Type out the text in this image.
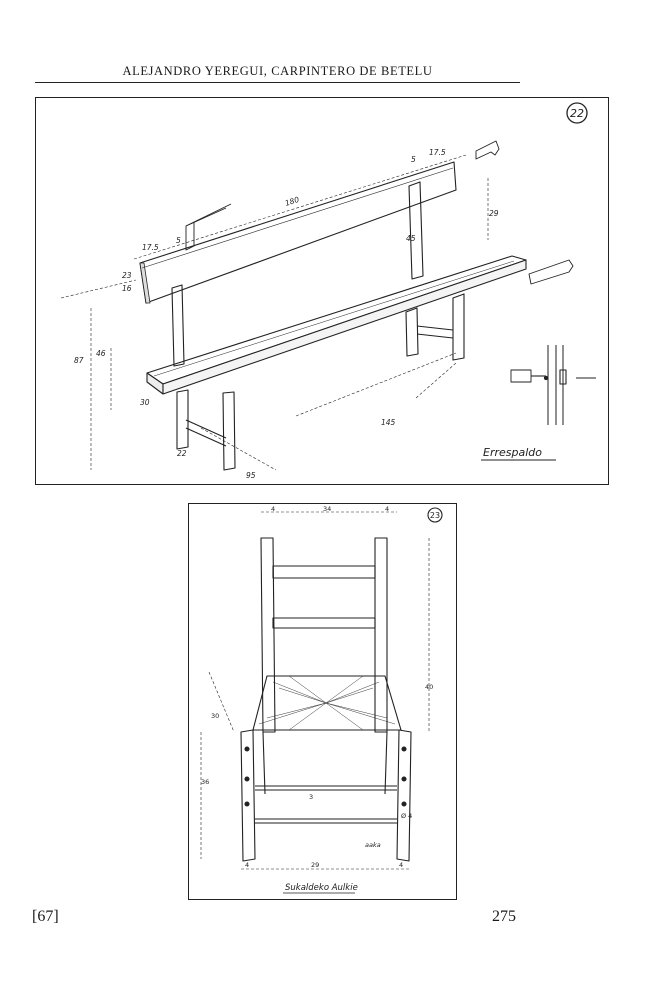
ALEJANDRO YEREGUI, CARPINTERO DE BETELU
22
180
29
45
87
46
30
22
145
17.5
5
23
16
5
17.5
95
Errespaldo
23
4	34	4
40
30
36
4	29	4
Ø 4
3
aaka
Sukaldeko Aulkie
[67]	275
